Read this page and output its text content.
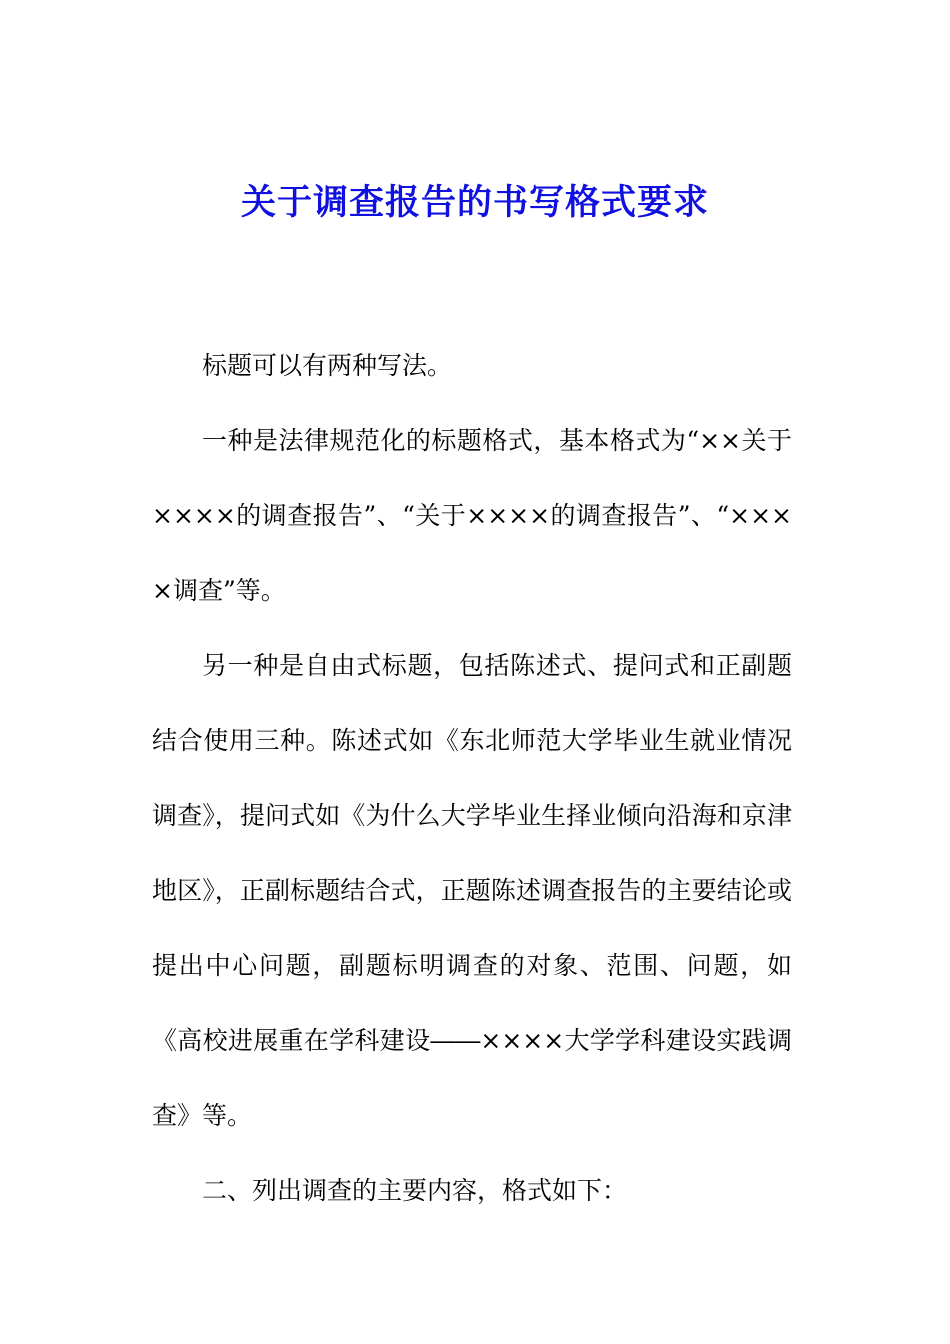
关于调查报告的书写格式要求

标题可以有两种写法。

一种是法律规范化的标题格式，基本格式为“××关于××××的调查报告”、“关于××××的调查报告”、“××××调查”等。

另一种是自由式标题，包括陈述式、提问式和正副题结合使用三种。陈述式如《东北师范大学毕业生就业情况调查》，提问式如《为什么大学毕业生择业倾向沿海和京津地区》，正副标题结合式，正题陈述调查报告的主要结论或提出中心问题，副题标明调查的对象、范围、问题，如《高校进展重在学科建设――××××大学学科建设实践调查》等。

二、列出调查的主要内容，格式如下：
